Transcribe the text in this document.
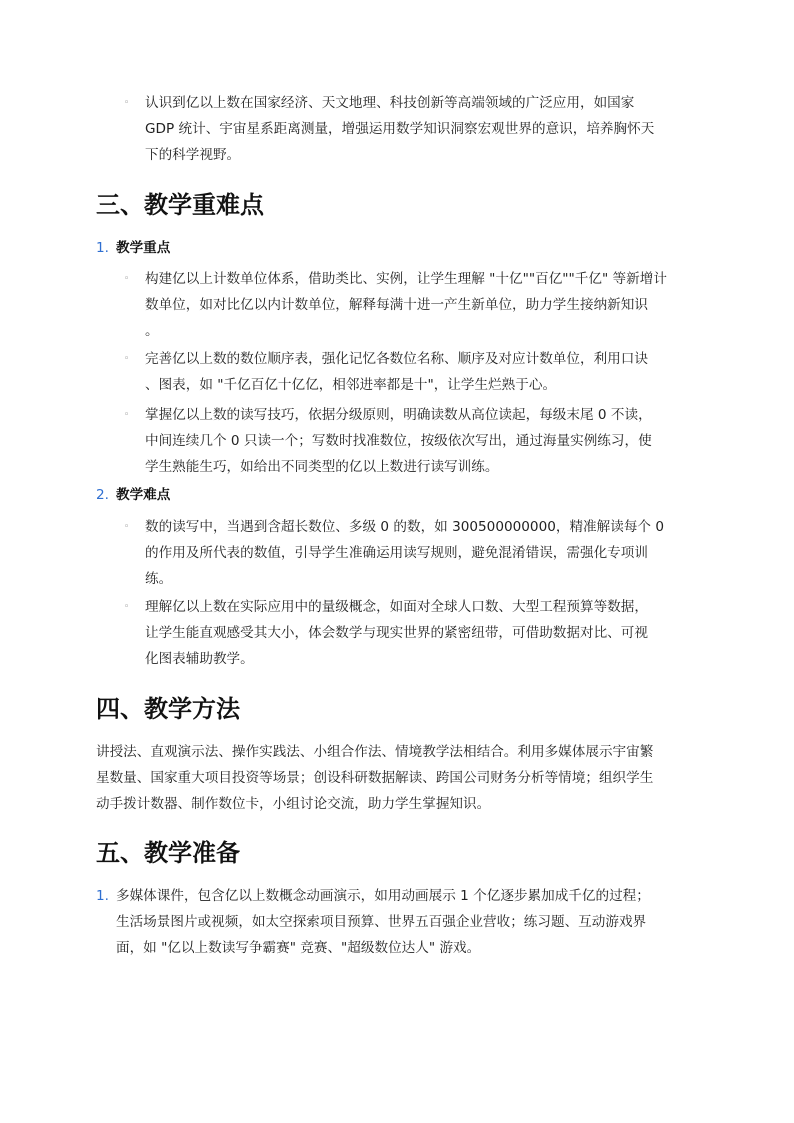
◦ 认识到亿以上数在国家经济、天文地理、科技创新等高端领域的广泛应用，如国家
GDP 统计、宇宙星系距离测量，增强运用数学知识洞察宏观世界的意识，培养胸怀天
下的科学视野。
三、教学重难点
1. 教学重点
◦ 构建亿以上计数单位体系，借助类比、实例，让学生理解 "十亿""百亿""千亿" 等新增计
数单位，如对比亿以内计数单位，解释每满十进一产生新单位，助力学生接纳新知识
。
◦ 完善亿以上数的数位顺序表，强化记忆各数位名称、顺序及对应计数单位，利用口诀
、图表，如 "千亿百亿十亿亿，相邻进率都是十"，让学生烂熟于心。
◦ 掌握亿以上数的读写技巧，依据分级原则，明确读数从高位读起，每级末尾 0 不读，
中间连续几个 0 只读一个；写数时找准数位，按级依次写出，通过海量实例练习，使
学生熟能生巧，如给出不同类型的亿以上数进行读写训练。
2. 教学难点
◦ 数的读写中，当遇到含超长数位、多级 0 的数，如 300500000000，精准解读每个 0
的作用及所代表的数值，引导学生准确运用读写规则，避免混淆错误，需强化专项训
练。
◦ 理解亿以上数在实际应用中的量级概念，如面对全球人口数、大型工程预算等数据，
让学生能直观感受其大小，体会数学与现实世界的紧密纽带，可借助数据对比、可视
化图表辅助教学。
四、教学方法
讲授法、直观演示法、操作实践法、小组合作法、情境教学法相结合。利用多媒体展示宇宙繁
星数量、国家重大项目投资等场景；创设科研数据解读、跨国公司财务分析等情境；组织学生
动手拨计数器、制作数位卡，小组讨论交流，助力学生掌握知识。
五、教学准备
1. 多媒体课件，包含亿以上数概念动画演示，如用动画展示 1 个亿逐步累加成千亿的过程；
生活场景图片或视频，如太空探索项目预算、世界五百强企业营收；练习题、互动游戏界
面，如 "亿以上数读写争霸赛" 竞赛、"超级数位达人" 游戏。
